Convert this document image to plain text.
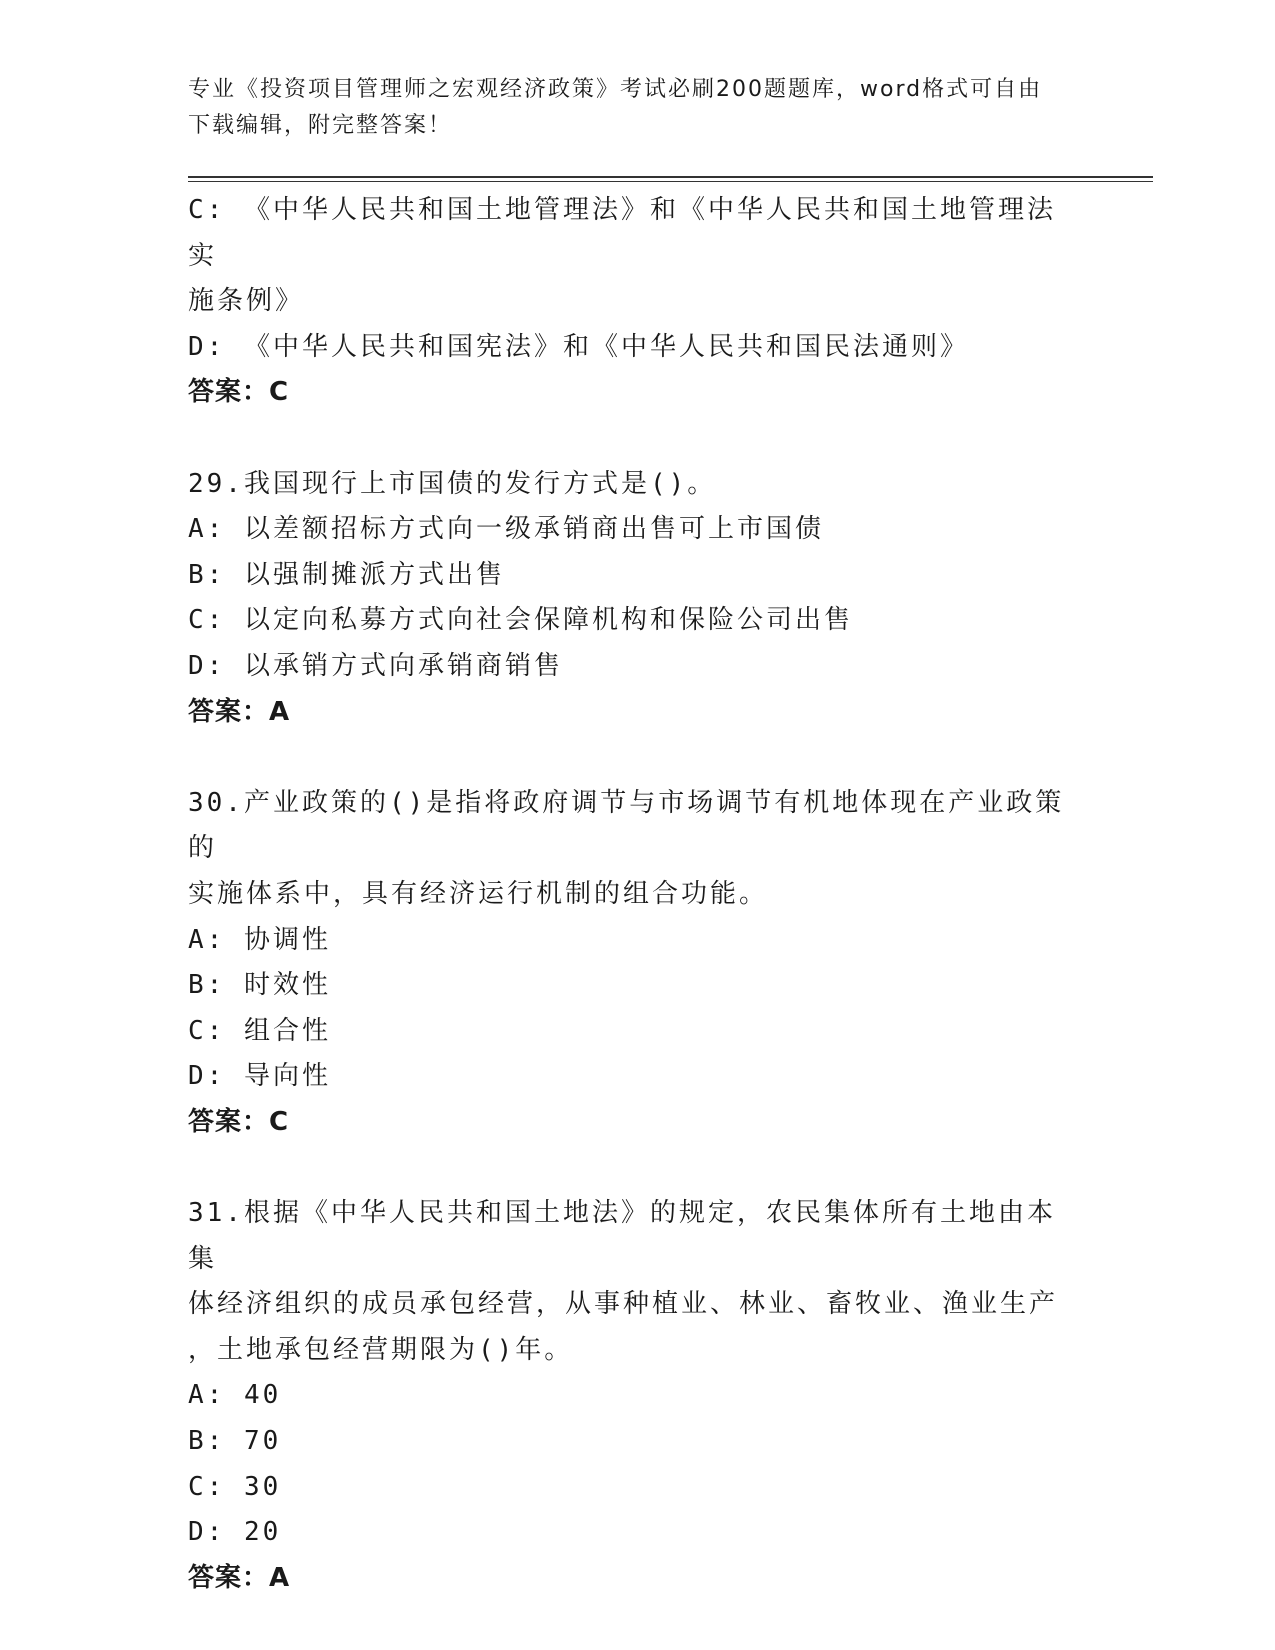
专业《投资项目管理师之宏观经济政策》考试必刷200题题库，word格式可自由
下载编辑，附完整答案！
C: 《中华人民共和国土地管理法》和《中华人民共和国土地管理法实
施条例》
D: 《中华人民共和国宪法》和《中华人民共和国民法通则》
答案：C
29.我国现行上市国债的发行方式是()。
A: 以差额招标方式向一级承销商出售可上市国债
B: 以强制摊派方式出售
C: 以定向私募方式向社会保障机构和保险公司出售
D: 以承销方式向承销商销售
答案：A
30.产业政策的()是指将政府调节与市场调节有机地体现在产业政策的
实施体系中，具有经济运行机制的组合功能。
A: 协调性
B: 时效性
C: 组合性
D: 导向性
答案：C
31.根据《中华人民共和国土地法》的规定，农民集体所有土地由本集
体经济组织的成员承包经营，从事种植业、林业、畜牧业、渔业生产
，土地承包经营期限为()年。
A: 40
B: 70
C: 30
D: 20
答案：A
